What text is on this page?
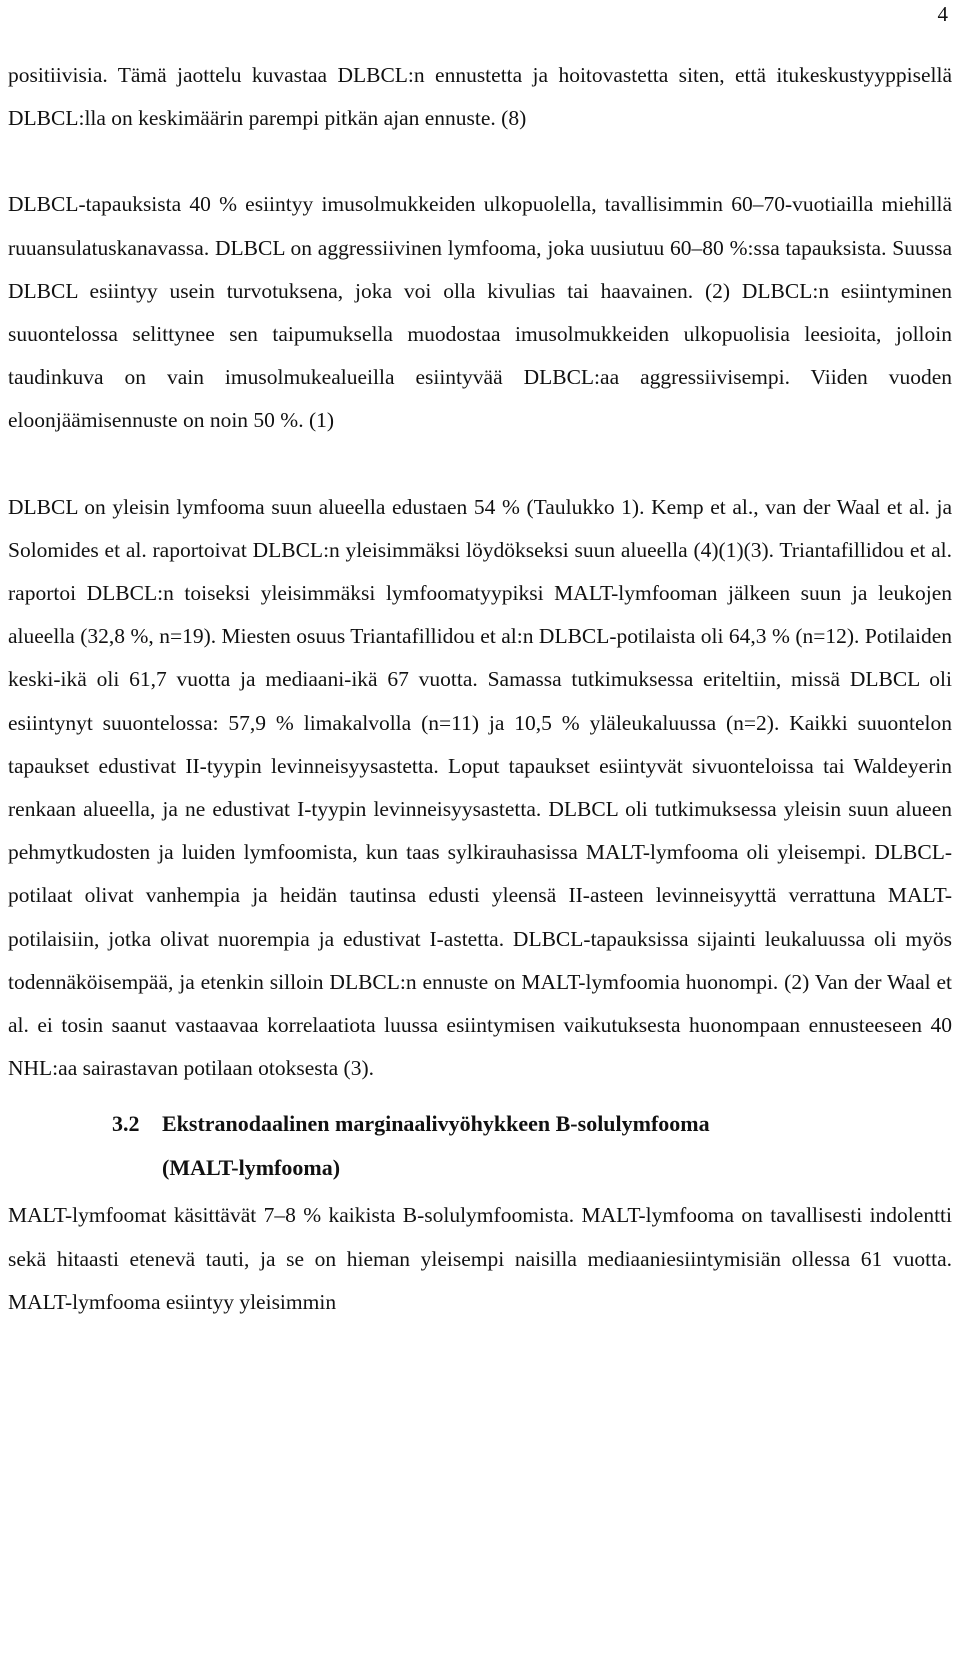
4

positiivisia. Tämä jaottelu kuvastaa DLBCL:n ennustetta ja hoitovastetta siten, että itukeskustyyppisellä DLBCL:lla on keskimäärin parempi pitkän ajan ennuste. (8)

DLBCL-tapauksista 40 % esiintyy imusolmukkeiden ulkopuolella, tavallisimmin 60–70-vuotiailla miehillä ruuansulatuskanavassa. DLBCL on aggressiivinen lymfooma, joka uusiutuu 60–80 %:ssa tapauksista. Suussa DLBCL esiintyy usein turvotuksena, joka voi olla kivulias tai haavainen. (2) DLBCL:n esiintyminen suuontelossa selittynee sen taipumuksella muodostaa imusolmukkeiden ulkopuolisia leesioita, jolloin taudinkuva on vain imusolmukealueilla esiintyvää DLBCL:aa aggressiivisempi. Viiden vuoden eloonjäämisennuste on noin 50 %. (1)

DLBCL on yleisin lymfooma suun alueella edustaen 54 % (Taulukko 1). Kemp et al., van der Waal et al. ja Solomides et al. raportoivat DLBCL:n yleisimmäksi löydökseksi suun alueella (4)(1)(3). Triantafillidou et al. raportoi DLBCL:n toiseksi yleisimmäksi lymfoomatyypiksi MALT-lymfooman jälkeen suun ja leukojen alueella (32,8 %, n=19). Miesten osuus Triantafillidou et al:n DLBCL-potilaista oli 64,3 % (n=12). Potilaiden keski-ikä oli 61,7 vuotta ja mediaani-ikä 67 vuotta. Samassa tutkimuksessa eriteltiin, missä DLBCL oli esiintynyt suuontelossa: 57,9 % limakalvolla (n=11) ja 10,5 % yläleukaluussa (n=2). Kaikki suuontelon tapaukset edustivat II-tyypin levinneisyysastetta. Loput tapaukset esiintyvät sivuonteloissa tai Waldeyerin renkaan alueella, ja ne edustivat I-tyypin levinneisyysastetta. DLBCL oli tutkimuksessa yleisin suun alueen pehmytkudosten ja luiden lymfoomista, kun taas sylkirauhasissa MALT-lymfooma oli yleisempi. DLBCL-potilaat olivat vanhempia ja heidän tautinsa edusti yleensä II-asteen levinneisyyttä verrattuna MALT-potilaisiin, jotka olivat nuorempia ja edustivat I-astetta. DLBCL-tapauksissa sijainti leukaluussa oli myös todennäköisempää, ja etenkin silloin DLBCL:n ennuste on MALT-lymfoomia huonompi. (2) Van der Waal et al. ei tosin saanut vastaavaa korrelaatiota luussa esiintymisen vaikutuksesta huonompaan ennusteeseen 40 NHL:aa sairastavan potilaan otoksesta (3).

3.2	Ekstranodaalinen marginaalivyöhykkeen B-solulymfooma (MALT-lymfooma)

MALT-lymfoomat käsittävät 7–8 % kaikista B-solulymfoomista. MALT-lymfooma on tavallisesti indolentti sekä hitaasti etenevä tauti, ja se on hieman yleisempi naisilla mediaaniesiintymisiän ollessa 61 vuotta. MALT-lymfooma esiintyy yleisimmin
